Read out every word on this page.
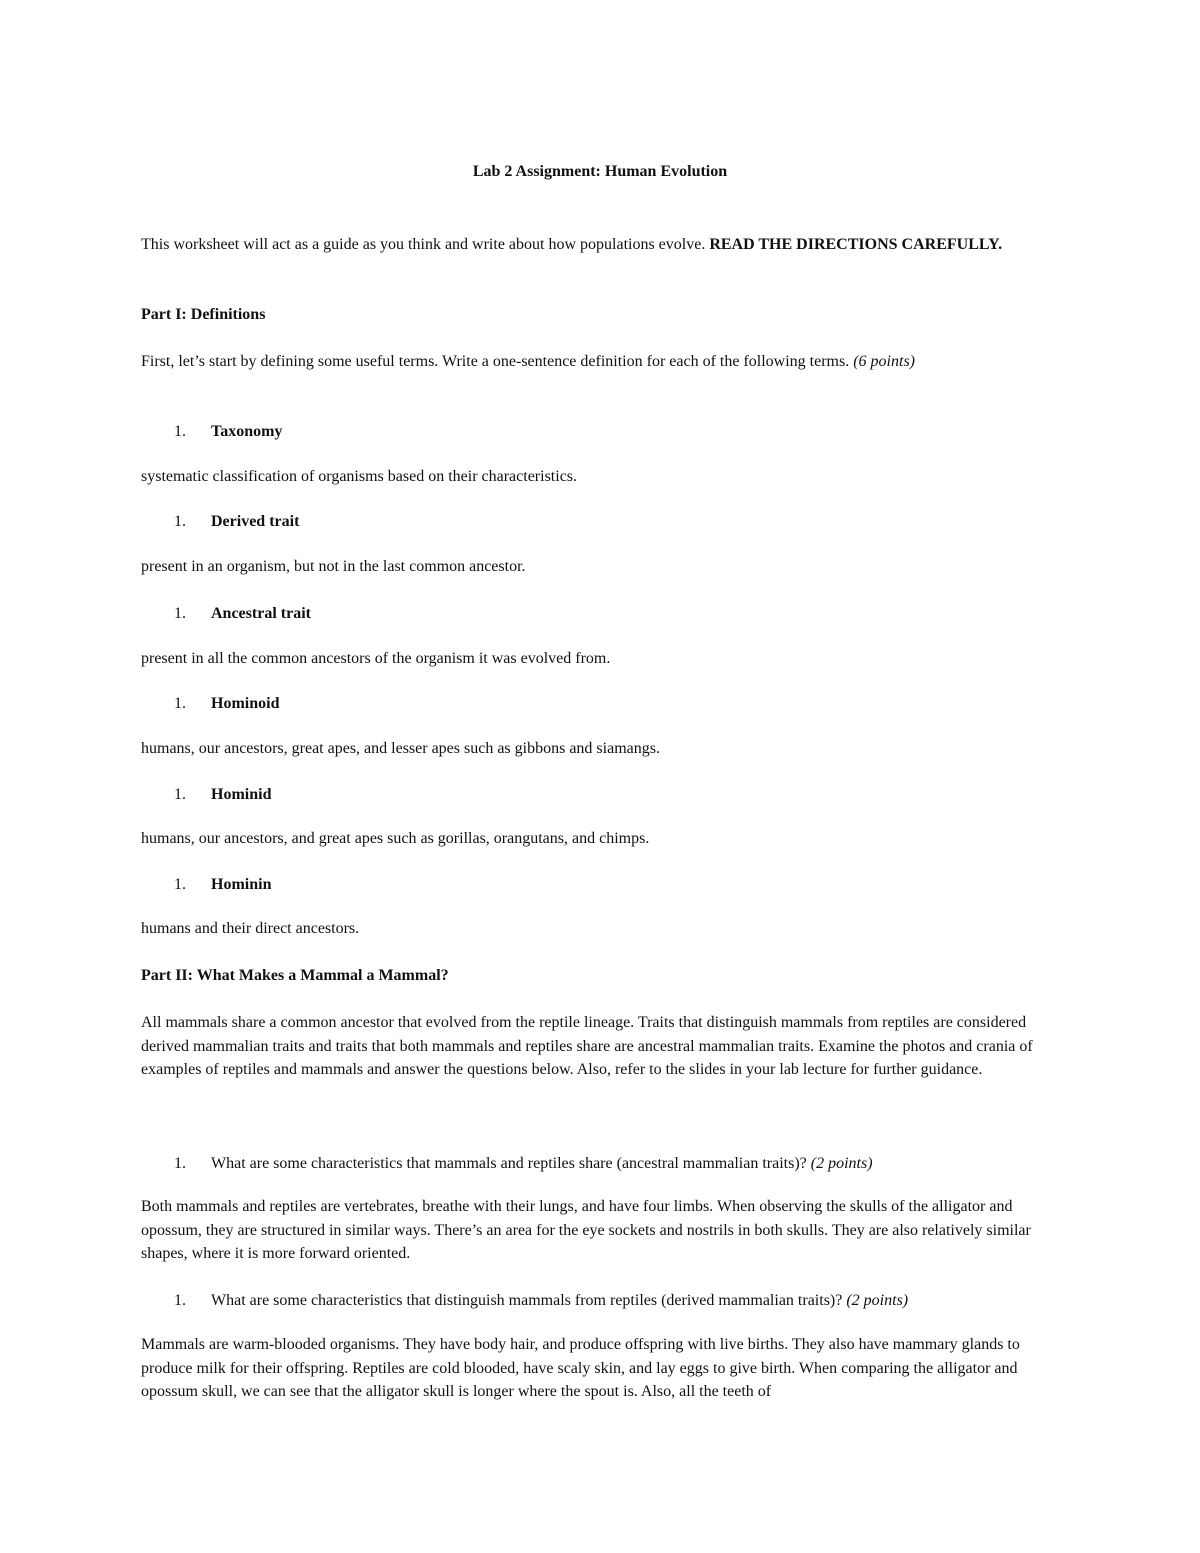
Lab 2 Assignment: Human Evolution

This worksheet will act as a guide as you think and write about how populations evolve. READ THE DIRECTIONS CAREFULLY.

Part I: Definitions

First, let’s start by defining some useful terms. Write a one-sentence definition for each of the following terms. (6 points)

1. Taxonomy

systematic classification of organisms based on their characteristics.

1. Derived trait

present in an organism, but not in the last common ancestor.

1. Ancestral trait

present in all the common ancestors of the organism it was evolved from.

1. Hominoid

humans, our ancestors, great apes, and lesser apes such as gibbons and siamangs.

1. Hominid

humans, our ancestors, and great apes such as gorillas, orangutans, and chimps.

1. Hominin

humans and their direct ancestors.

Part II: What Makes a Mammal a Mammal?

All mammals share a common ancestor that evolved from the reptile lineage. Traits that distinguish mammals from reptiles are considered derived mammalian traits and traits that both mammals and reptiles share are ancestral mammalian traits. Examine the photos and crania of examples of reptiles and mammals and answer the questions below. Also, refer to the slides in your lab lecture for further guidance.

1. What are some characteristics that mammals and reptiles share (ancestral mammalian traits)? (2 points)

Both mammals and reptiles are vertebrates, breathe with their lungs, and have four limbs. When observing the skulls of the alligator and opossum, they are structured in similar ways. There’s an area for the eye sockets and nostrils in both skulls. They are also relatively similar shapes, where it is more forward oriented.

1. What are some characteristics that distinguish mammals from reptiles (derived mammalian traits)? (2 points)

Mammals are warm-blooded organisms. They have body hair, and produce offspring with live births. They also have mammary glands to produce milk for their offspring. Reptiles are cold blooded, have scaly skin, and lay eggs to give birth. When comparing the alligator and opossum skull, we can see that the alligator skull is longer where the spout is. Also, all the teeth of
